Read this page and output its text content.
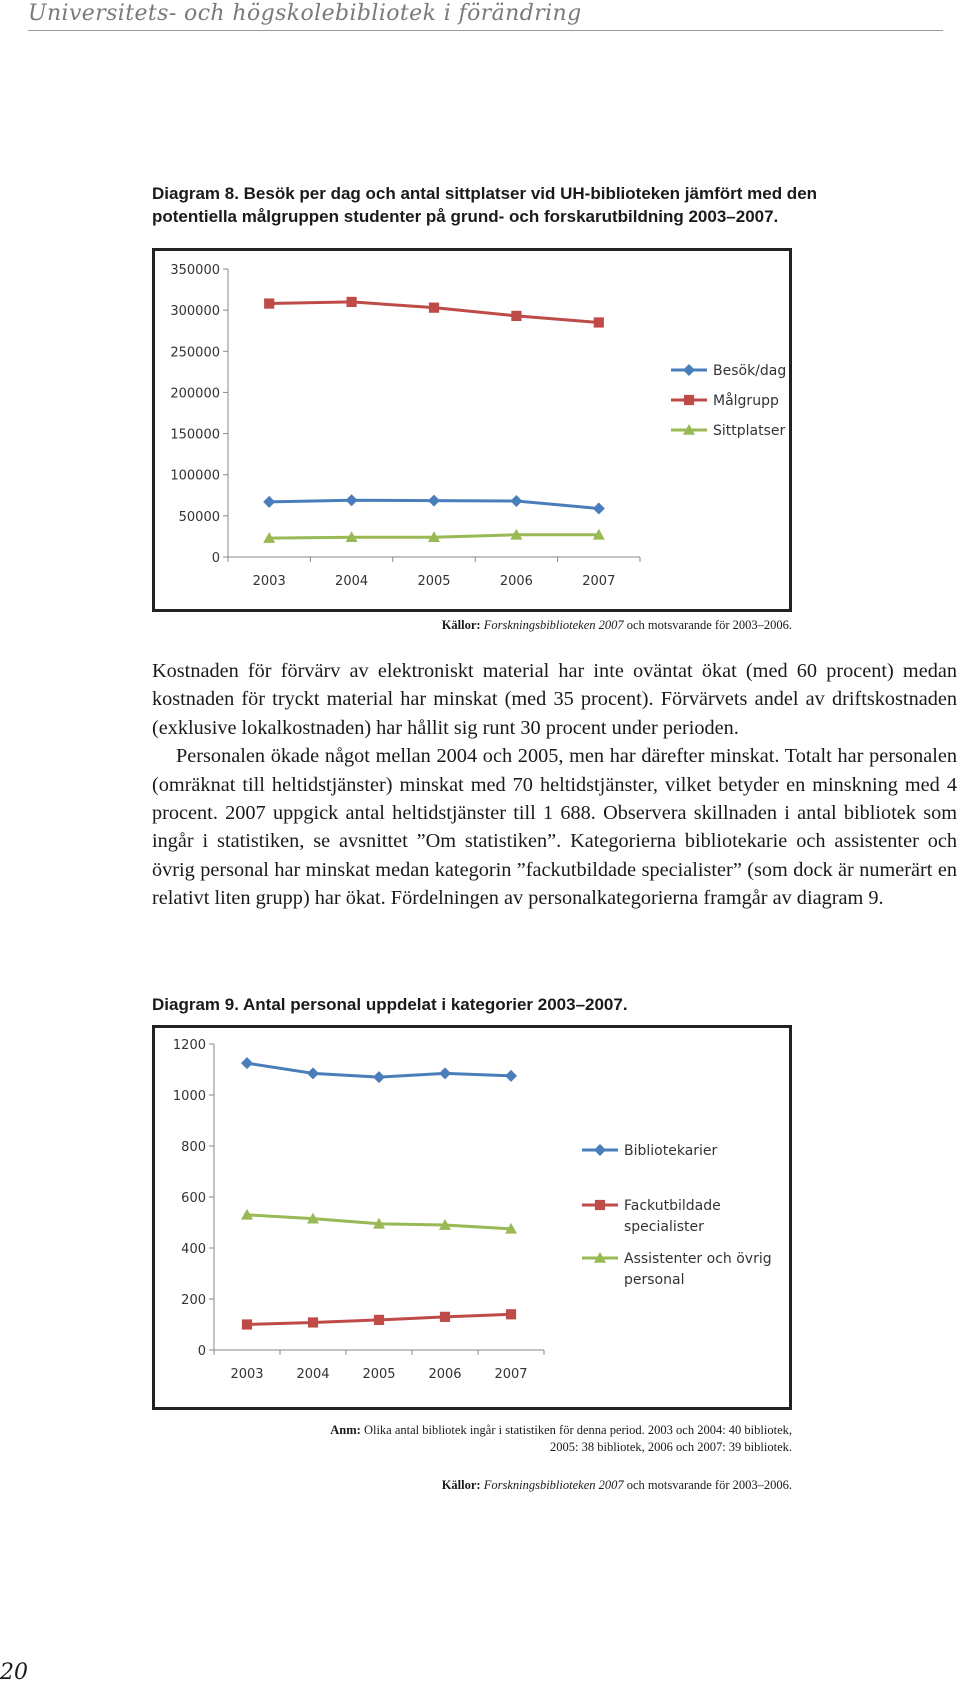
Universitets- och högskolebibliotek i förändring
Diagram 8. Besök per dag och antal sittplatser vid UH-biblioteken jämfört med den
potentiella målgruppen studenter på grund- och forskarutbildning 2003–2007.
0
50000
100000
150000
200000
250000
300000
350000
2003	2004	2005	2006	2007
Besök/dag
Målgrupp
Sittplatser
Källor: Forskningsbiblioteken 2007 och motsvarande för 2003–2006.

Kostnaden för förvärv av elektroniskt material har inte oväntat ökat (med 60 procent) medan kostnaden för tryckt material har minskat (med 35 procent). Förvärvets andel av driftskostnaden (exklusive lokalkostnaden) har hållit sig runt 30 procent under perioden.

Personalen ökade något mellan 2004 och 2005, men har därefter minskat. Totalt har personalen (omräknat till heltidstjänster) minskat med 70 heltidstjänster, vilket betyder en minskning med 4 procent. 2007 uppgick antal heltidstjänster till 1 688. Observera skillnaden i antal bibliotek som ingår i statistiken, se avsnittet ”Om statistiken”. Kategorierna bibliotekarie och assistenter och övrig personal har minskat medan kategorin ”fackutbildade specialister” (som dock är numerärt en relativt liten grupp) har ökat. Fördelningen av personalkategorierna framgår av diagram 9.

Diagram 9. Antal personal uppdelat i kategorier 2003–2007.
0
200
400
600
800
1000
1200
2003	2004	2005	2006	2007
Bibliotekarier
Fackutbildade specialister
Assistenter och övrig personal
Anm: Olika antal bibliotek ingår i statistiken för denna period. 2003 och 2004: 40 bibliotek,
2005: 38 bibliotek, 2006 och 2007: 39 bibliotek.
Källor: Forskningsbiblioteken 2007 och motsvarande för 2003–2006.
20
